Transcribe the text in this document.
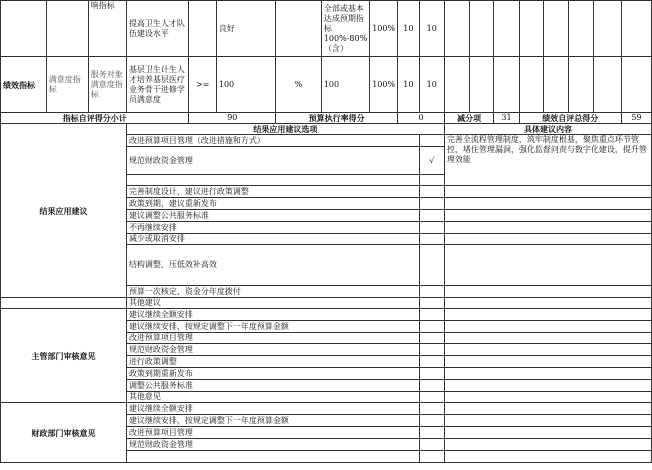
		响指标	提高卫生人才队伍建设水平		良好		全部或基本达成预期指标100%-80%（含）	100%	10	10								
绩效指标	满意度指标	服务对象满意度指标	基层卫生计生人才培养基层医疗业务骨干进修学员满意度	>=	100	%	100	100%	10	10								
指标自评得分小计				90		预算执行率得分			0		减分项		31	绩效自评总得分				59
结果应用建议			结果应用建议选项								具体建议内容							
			改进预算项目管理（改进措施和方式）								完善全流程管理制度，筑牢制度根基，聚焦重点环节管控，堵住管理漏洞，强化监督问责与数字化建设，提升管理效能							
			规范财政资金管理							√								

			完善制度设计，建议进行政策调整															
			政策到期，建议重新发布															
			建议调整公共服务标准															
			不再继续安排															
			减少或取消安排															
			结构调整，压低效补高效															
			预算一次核定、资金分年度拨付															
			其他建议															
主管部门审核意见			建议继续全额安排															
			建议继续安排，按规定调整下一年度预算金额															
			改进预算项目管理															
			规范财政资金管理															
			进行政策调整															
			政策到期重新发布															
			调整公共服务标准															
			其他意见															
财政部门审核意见			建议继续全额安排															
			建议继续安排，按规定调整下一年度预算金额															
			改进预算项目管理															
			规范财政资金管理															
